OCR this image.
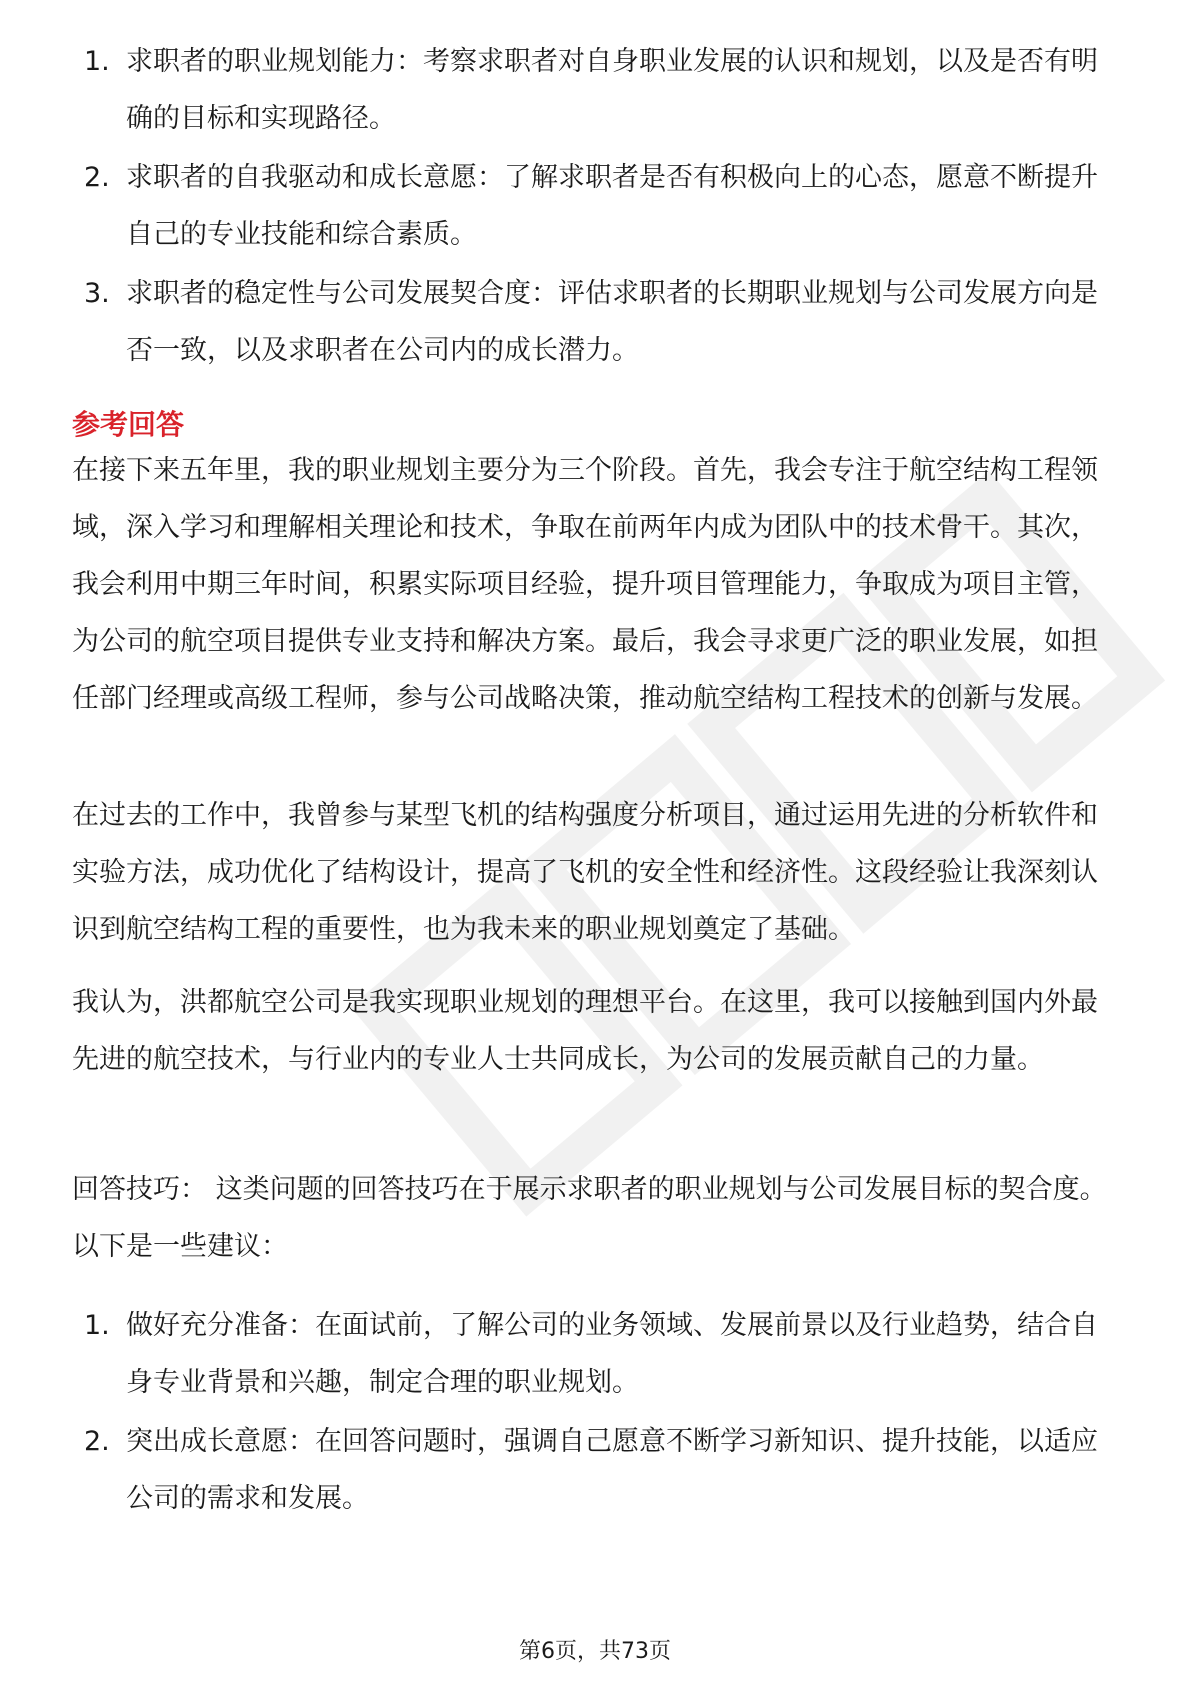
1. 求职者的职业规划能力：考察求职者对自身职业发展的认识和规划，以及是否有明确的目标和实现路径。
2. 求职者的自我驱动和成长意愿：了解求职者是否有积极向上的心态，愿意不断提升自己的专业技能和综合素质。
3. 求职者的稳定性与公司发展契合度：评估求职者的长期职业规划与公司发展方向是否一致，以及求职者在公司内的成长潜力。
参考回答
在接下来五年里，我的职业规划主要分为三个阶段。首先，我会专注于航空结构工程领域，深入学习和理解相关理论和技术，争取在前两年内成为团队中的技术骨干。其次，我会利用中期三年时间，积累实际项目经验，提升项目管理能力，争取成为项目主管，为公司的航空项目提供专业支持和解决方案。最后，我会寻求更广泛的职业发展，如担任部门经理或高级工程师，参与公司战略决策，推动航空结构工程技术的创新与发展。
在过去的工作中，我曾参与某型飞机的结构强度分析项目，通过运用先进的分析软件和实验方法，成功优化了结构设计，提高了飞机的安全性和经济性。这段经验让我深刻认识到航空结构工程的重要性，也为我未来的职业规划奠定了基础。
我认为，洪都航空公司是我实现职业规划的理想平台。在这里，我可以接触到国内外最先进的航空技术，与行业内的专业人士共同成长，为公司的发展贡献自己的力量。
回答技巧： 这类问题的回答技巧在于展示求职者的职业规划与公司发展目标的契合度。以下是一些建议：
1. 做好充分准备：在面试前，了解公司的业务领域、发展前景以及行业趋势，结合自身专业背景和兴趣，制定合理的职业规划。
2. 突出成长意愿：在回答问题时，强调自己愿意不断学习新知识、提升技能，以适应公司的需求和发展。
第6页，共73页
